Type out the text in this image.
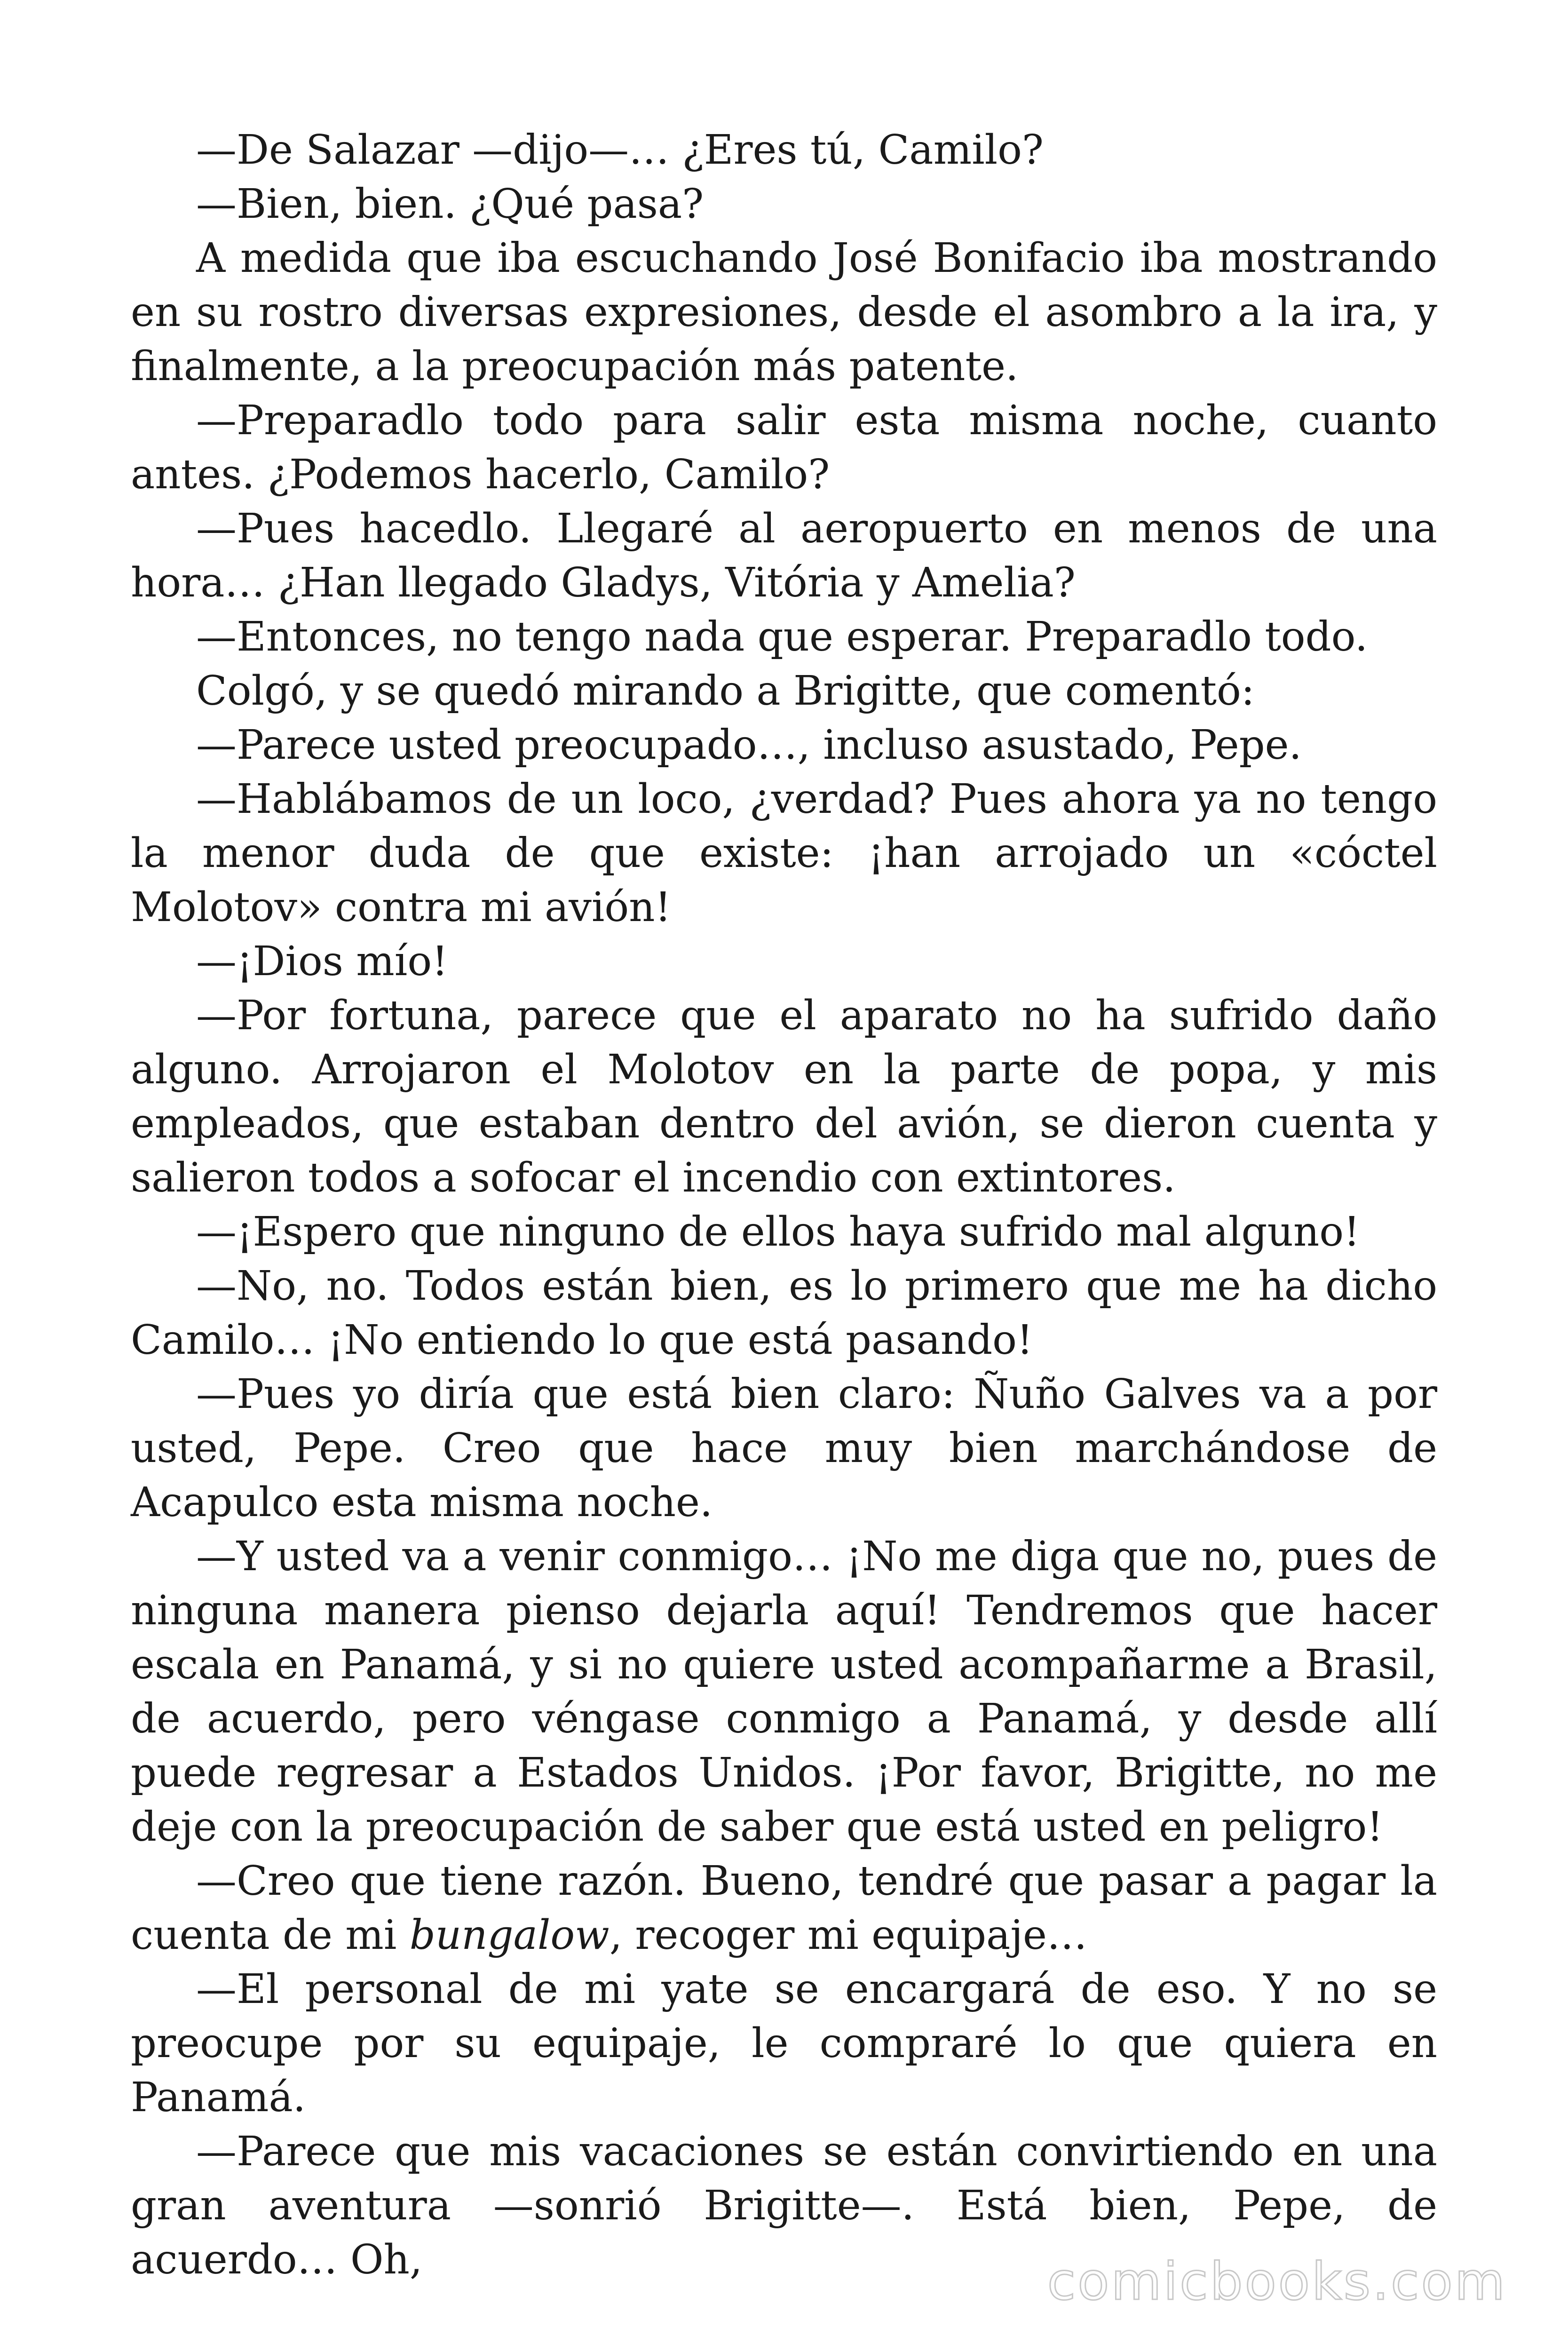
—De Salazar —dijo—… ¿Eres tú, Camilo?

—Bien, bien. ¿Qué pasa?

A medida que iba escuchando José Bonifacio iba mostrando en su rostro diversas expresiones, desde el asombro a la ira, y finalmente, a la preocupación más patente.

—Preparadlo todo para salir esta misma noche, cuanto antes. ¿Podemos hacerlo, Camilo?

—Pues hacedlo. Llegaré al aeropuerto en menos de una hora… ¿Han llegado Gladys, Vitória y Amelia?

—Entonces, no tengo nada que esperar. Preparadlo todo.

Colgó, y se quedó mirando a Brigitte, que comentó:

—Parece usted preocupado…, incluso asustado, Pepe.

—Hablábamos de un loco, ¿verdad? Pues ahora ya no tengo la menor duda de que existe: ¡han arrojado un «cóctel Molotov» contra mi avión!

—¡Dios mío!

—Por fortuna, parece que el aparato no ha sufrido daño alguno. Arrojaron el Molotov en la parte de popa, y mis empleados, que estaban dentro del avión, se dieron cuenta y salieron todos a sofocar el incendio con extintores.

—¡Espero que ninguno de ellos haya sufrido mal alguno!

—No, no. Todos están bien, es lo primero que me ha dicho Camilo… ¡No entiendo lo que está pasando!

—Pues yo diría que está bien claro: Ñuño Galves va a por usted, Pepe. Creo que hace muy bien marchándose de Acapulco esta misma noche.

—Y usted va a venir conmigo… ¡No me diga que no, pues de ninguna manera pienso dejarla aquí! Tendremos que hacer escala en Panamá, y si no quiere usted acompañarme a Brasil, de acuerdo, pero véngase conmigo a Panamá, y desde allí puede regresar a Estados Unidos. ¡Por favor, Brigitte, no me deje con la preocupación de saber que está usted en peligro!

—Creo que tiene razón. Bueno, tendré que pasar a pagar la cuenta de mi bungalow, recoger mi equipaje…

—El personal de mi yate se encargará de eso. Y no se preocupe por su equipaje, le compraré lo que quiera en Panamá.

—Parece que mis vacaciones se están convirtiendo en una gran aventura —sonrió Brigitte—. Está bien, Pepe, de acuerdo… Oh,	comicbooks.com
